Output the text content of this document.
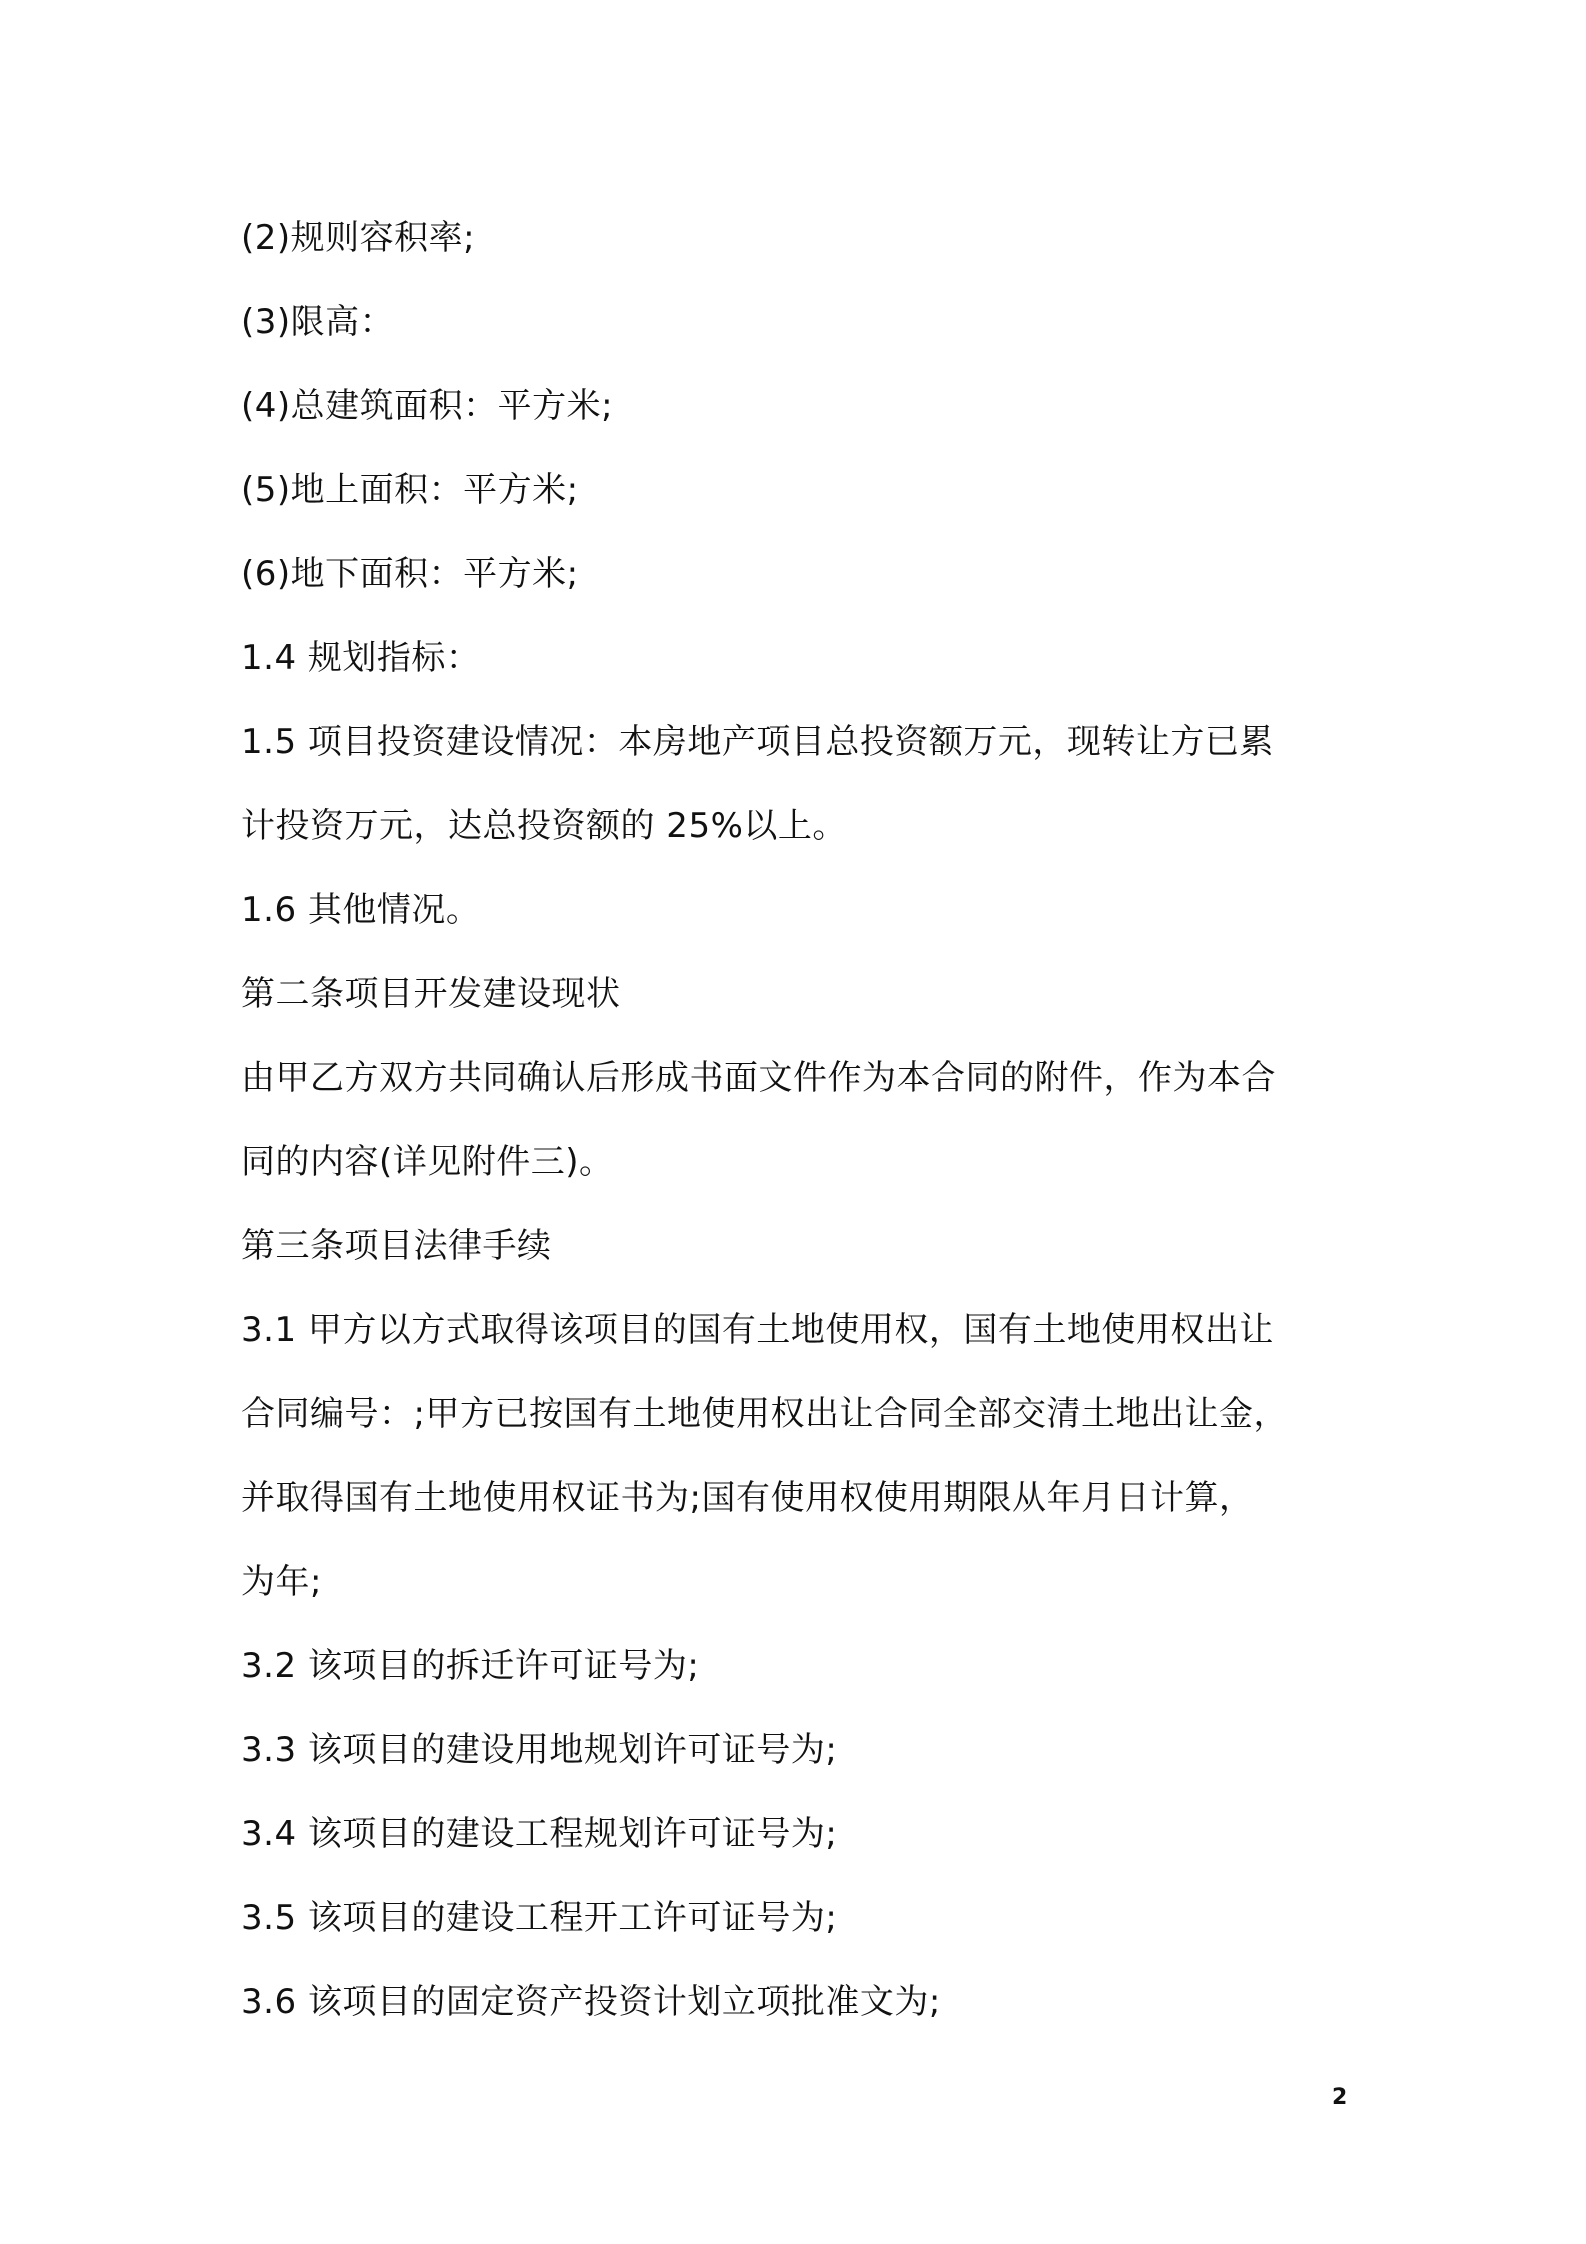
(2)规则容积率;
(3)限高：
(4)总建筑面积：平方米;
(5)地上面积：平方米;
(6)地下面积：平方米;
1.4 规划指标：
1.5 项目投资建设情况：本房地产项目总投资额万元，现转让方已累
计投资万元，达总投资额的 25%以上。
1.6 其他情况。
第二条项目开发建设现状
由甲乙方双方共同确认后形成书面文件作为本合同的附件，作为本合
同的内容(详见附件三)。
第三条项目法律手续
3.1 甲方以方式取得该项目的国有土地使用权，国有土地使用权出让
合同编号：;甲方已按国有土地使用权出让合同全部交清土地出让金，
并取得国有土地使用权证书为;国有使用权使用期限从年月日计算，
为年;
3.2 该项目的拆迁许可证号为;
3.3 该项目的建设用地规划许可证号为;
3.4 该项目的建设工程规划许可证号为;
3.5 该项目的建设工程开工许可证号为;
3.6 该项目的固定资产投资计划立项批准文为;
2
